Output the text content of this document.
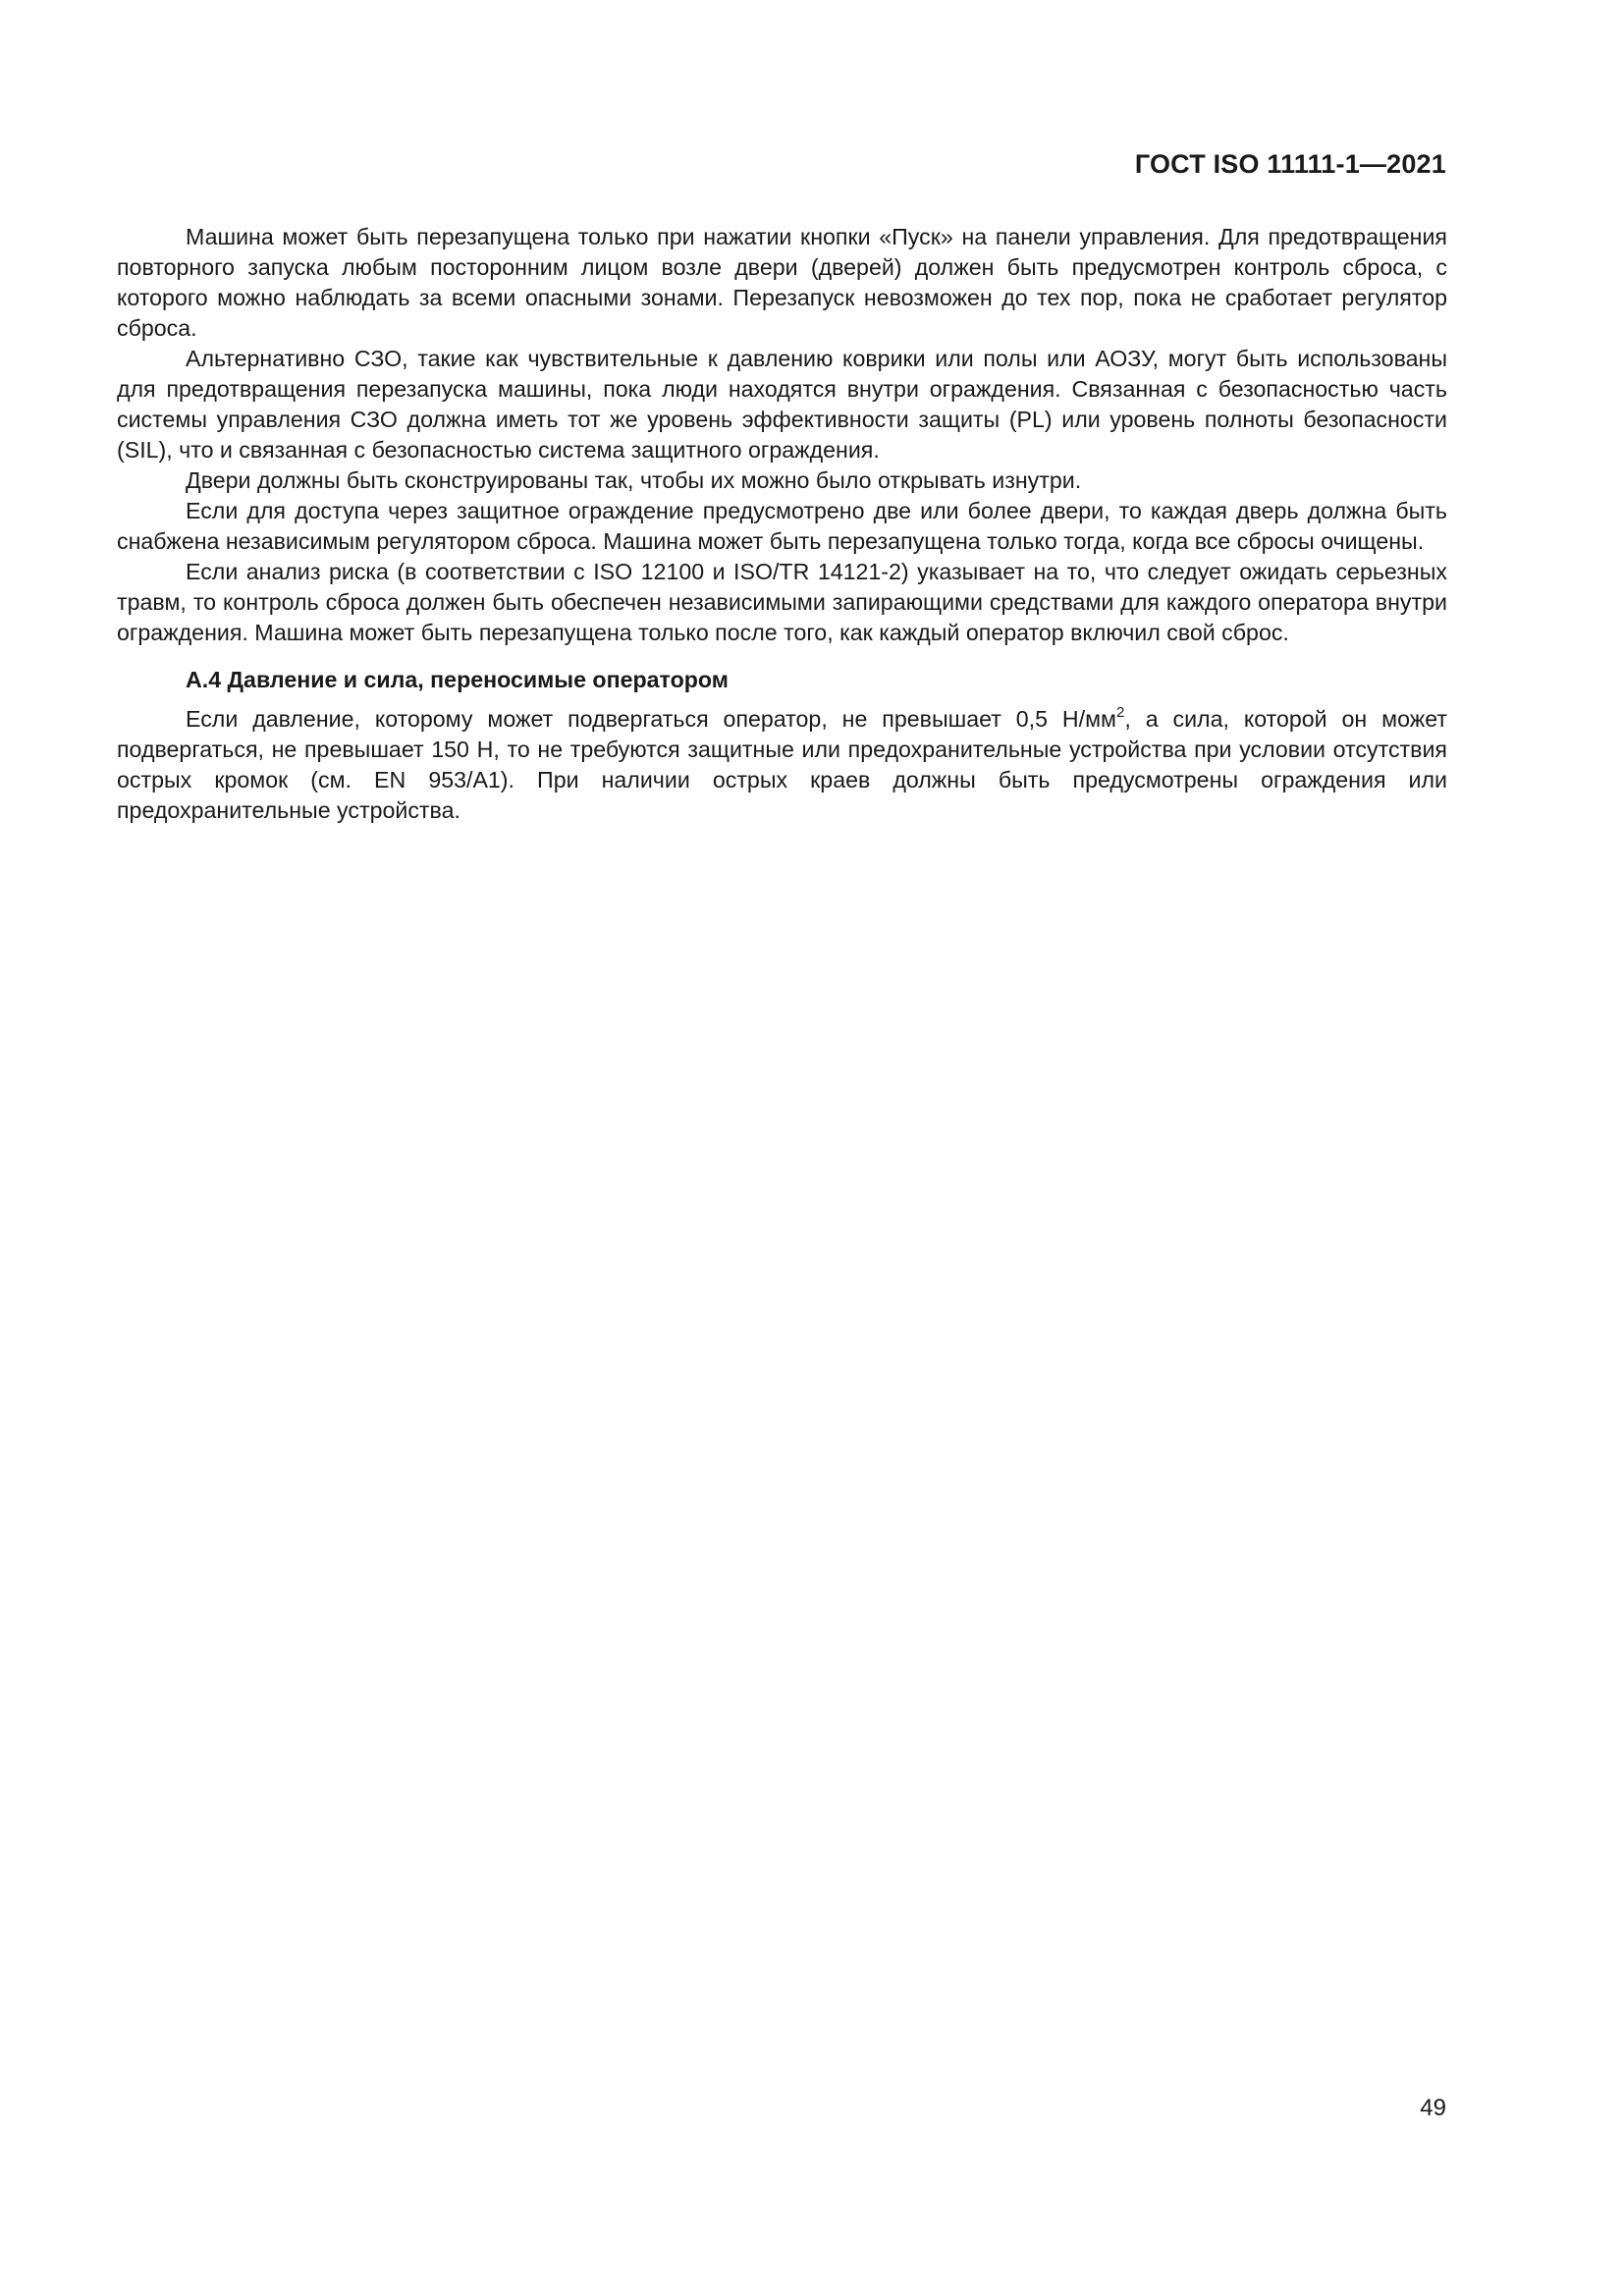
ГОСТ ISO 11111-1—2021

Машина может быть перезапущена только при нажатии кнопки «Пуск» на панели управления. Для предотвращения повторного запуска любым посторонним лицом возле двери (дверей) должен быть предусмотрен контроль сброса, с которого можно наблюдать за всеми опасными зонами. Перезапуск невозможен до тех пор, пока не сработает регулятор сброса.

Альтернативно СЗО, такие как чувствительные к давлению коврики или полы или АОЗУ, могут быть использованы для предотвращения перезапуска машины, пока люди находятся внутри ограждения. Связанная с безопасностью часть системы управления СЗО должна иметь тот же уровень эффективности защиты (PL) или уровень полноты безопасности (SIL), что и связанная с безопасностью система защитного ограждения.

Двери должны быть сконструированы так, чтобы их можно было открывать изнутри.

Если для доступа через защитное ограждение предусмотрено две или более двери, то каждая дверь должна быть снабжена независимым регулятором сброса. Машина может быть перезапущена только тогда, когда все сбросы очищены.

Если анализ риска (в соответствии с ISO 12100 и ISO/TR 14121-2) указывает на то, что следует ожидать серьезных травм, то контроль сброса должен быть обеспечен независимыми запирающими средствами для каждого оператора внутри ограждения. Машина может быть перезапущена только после того, как каждый оператор включил свой сброс.

А.4 Давление и сила, переносимые оператором

Если давление, которому может подвергаться оператор, не превышает 0,5 $Н/мм^2$, а сила, которой он может подвергаться, не превышает 150 Н, то не требуются защитные или предохранительные устройства при условии отсутствия острых кромок (см. EN 953/A1). При наличии острых краев должны быть предусмотрены ограждения или предохранительные устройства.

49
